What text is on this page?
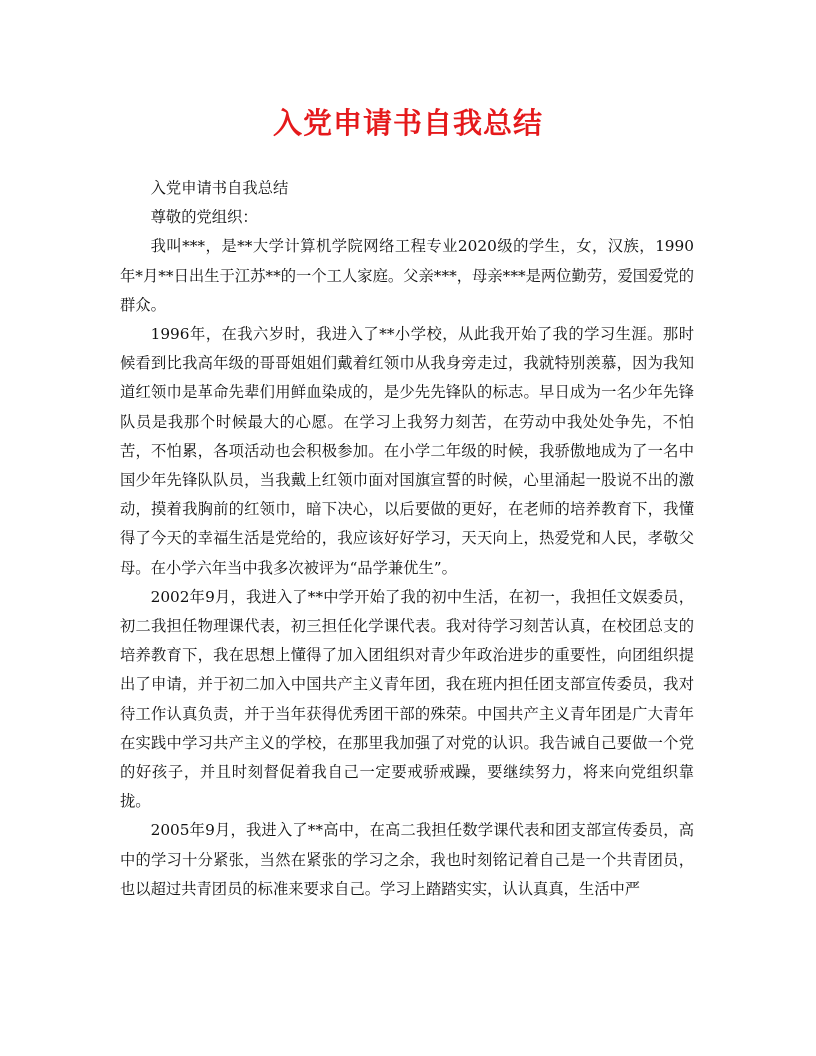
入党申请书自我总结

入党申请书自我总结

尊敬的党组织：

我叫***，是**大学计算机学院网络工程专业2020级的学生，女，汉族，1990年*月**日出生于江苏**的一个工人家庭。父亲***，母亲***是两位勤劳，爱国爱党的群众。

1996年，在我六岁时，我进入了**小学校，从此我开始了我的学习生涯。那时候看到比我高年级的哥哥姐姐们戴着红领巾从我身旁走过，我就特别羡慕，因为我知道红领巾是革命先辈们用鲜血染成的，是少先先锋队的标志。早日成为一名少年先锋队员是我那个时候最大的心愿。在学习上我努力刻苦，在劳动中我处处争先，不怕苦，不怕累，各项活动也会积极参加。在小学二年级的时候，我骄傲地成为了一名中国少年先锋队队员，当我戴上红领巾面对国旗宣誓的时候，心里涌起一股说不出的激动，摸着我胸前的红领巾，暗下决心，以后要做的更好，在老师的培养教育下，我懂得了今天的幸福生活是党给的，我应该好好学习，天天向上，热爱党和人民，孝敬父母。在小学六年当中我多次被评为“品学兼优生”。

2002年9月，我进入了**中学开始了我的初中生活，在初一，我担任文娱委员，初二我担任物理课代表，初三担任化学课代表。我对待学习刻苦认真，在校团总支的培养教育下，我在思想上懂得了加入团组织对青少年政治进步的重要性，向团组织提出了申请，并于初二加入中国共产主义青年团，我在班内担任团支部宣传委员，我对待工作认真负责，并于当年获得优秀团干部的殊荣。中国共产主义青年团是广大青年在实践中学习共产主义的学校，在那里我加强了对党的认识。我告诫自己要做一个党的好孩子，并且时刻督促着我自己一定要戒骄戒躁，要继续努力，将来向党组织靠拢。

2005年9月，我进入了**高中，在高二我担任数学课代表和团支部宣传委员，高中的学习十分紧张，当然在紧张的学习之余，我也时刻铭记着自己是一个共青团员，也以超过共青团员的标准来要求自己。学习上踏踏实实，认认真真，生活中严
